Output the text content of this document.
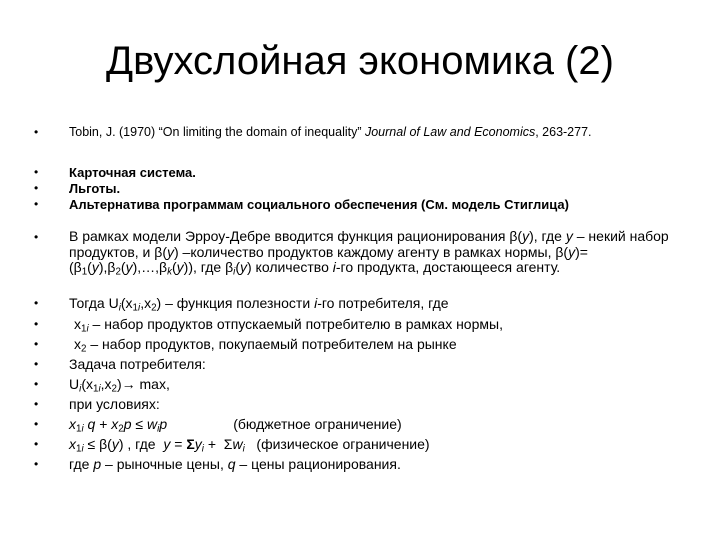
Двухслойная экономика (2)
• Tobin, J. (1970) “On limiting the domain of inequality” Journal of Law and Economics, 263-277.
• Карточная система.
• Льготы.
• Альтернатива программам социального обеспечения (См. модель Стиглица)
• В рамках модели Эрроу-Дебре вводится функция рационирования β(y), где y – некий набор продуктов, и β(y) –количество продуктов каждому агенту в рамках нормы, $\beta(y)= (\beta_1(y),\beta_2(y),\dots,\beta_k(y))$, где $\beta_i(y)$ количество i-го продукта, достающееся агенту.
• Тогда $U_i(x_{1i},x_2)$ – функция полезности i-го потребителя, где
•	$x_{1i}$ – набор продуктов отпускаемый потребителю в рамках нормы,
•	$x_2$ – набор продуктов, покупаемый потребителем на рынке
• Задача потребителя:
• $U_i(x_{1i},x_2)\to \max$,
• при условиях:
• $x_{1i}$ $q + x_2p \le w_ip$                 (бюджетное ограничение)
• $x_{1i} \le \beta(y)$ , где  $y = \Sigma y_i + \Sigma w_i$   (физическое ограничение)
• где p – рыночные цены, q – цены рационирования.
